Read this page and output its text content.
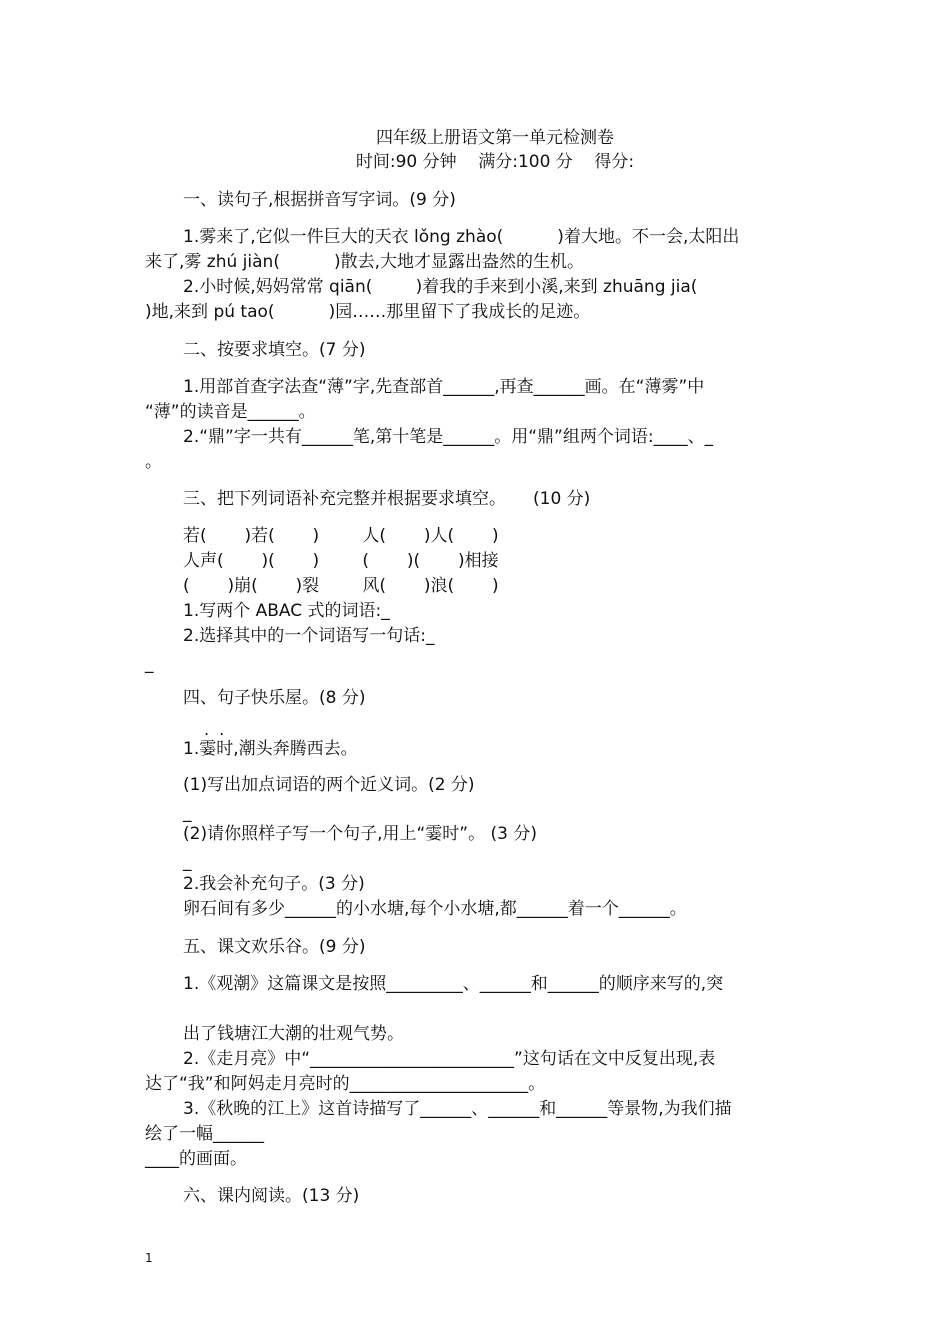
四年级上册语文第一单元检测卷
时间:90 分钟    满分:100 分    得分:
一、读句子,根据拼音写字词。(9 分)
1.雾来了,它似一件巨大的天衣 lǒng zhào(          )着大地。不一会,太阳出
来了,雾 zhú jiàn(          )散去,大地才显露出盎然的生机。
2.小时候,妈妈常常 qiān(        )着我的手来到小溪,来到 zhuāng jia(
)地,来到 pú tao(          )园……那里留下了我成长的足迹。
二、按要求填空。(7 分)
1.用部首查字法查“薄”字,先查部首______,再查______画。在“薄雾”中
“薄”的读音是______。
2.“鼎”字一共有______笔,第十笔是______。用“鼎”组两个词语:____、_
。
三、把下列词语补充完整并根据要求填空。     (10 分)
若(       )若(       )        人(       )人(       )
人声(       )(       )        (       )(       )相接
(       )崩(       )裂        风(       )浪(       )
1.写两个 ABAC 式的词语:_
2.选择其中的一个词语写一句话:_
_
四、句子快乐屋。(8 分)
..
1.霎时,潮头奔腾西去。
(1)写出加点词语的两个近义词。(2 分)
_
(2)请你照样子写一个句子,用上“霎时”。 (3 分)
_
2.我会补充句子。(3 分)
卵石间有多少______的小水塘,每个小水塘,都______着一个______。
五、课文欢乐谷。(9 分)
1.《观潮》这篇课文是按照_________、______和______的顺序来写的,突
出了钱塘江大潮的壮观气势。
2.《走月亮》中“________________________”这句话在文中反复出现,表
达了“我”和阿妈走月亮时的_____________________。
3.《秋晚的江上》这首诗描写了______、______和______等景物,为我们描
绘了一幅______
____的画面。
六、课内阅读。(13 分)
1
